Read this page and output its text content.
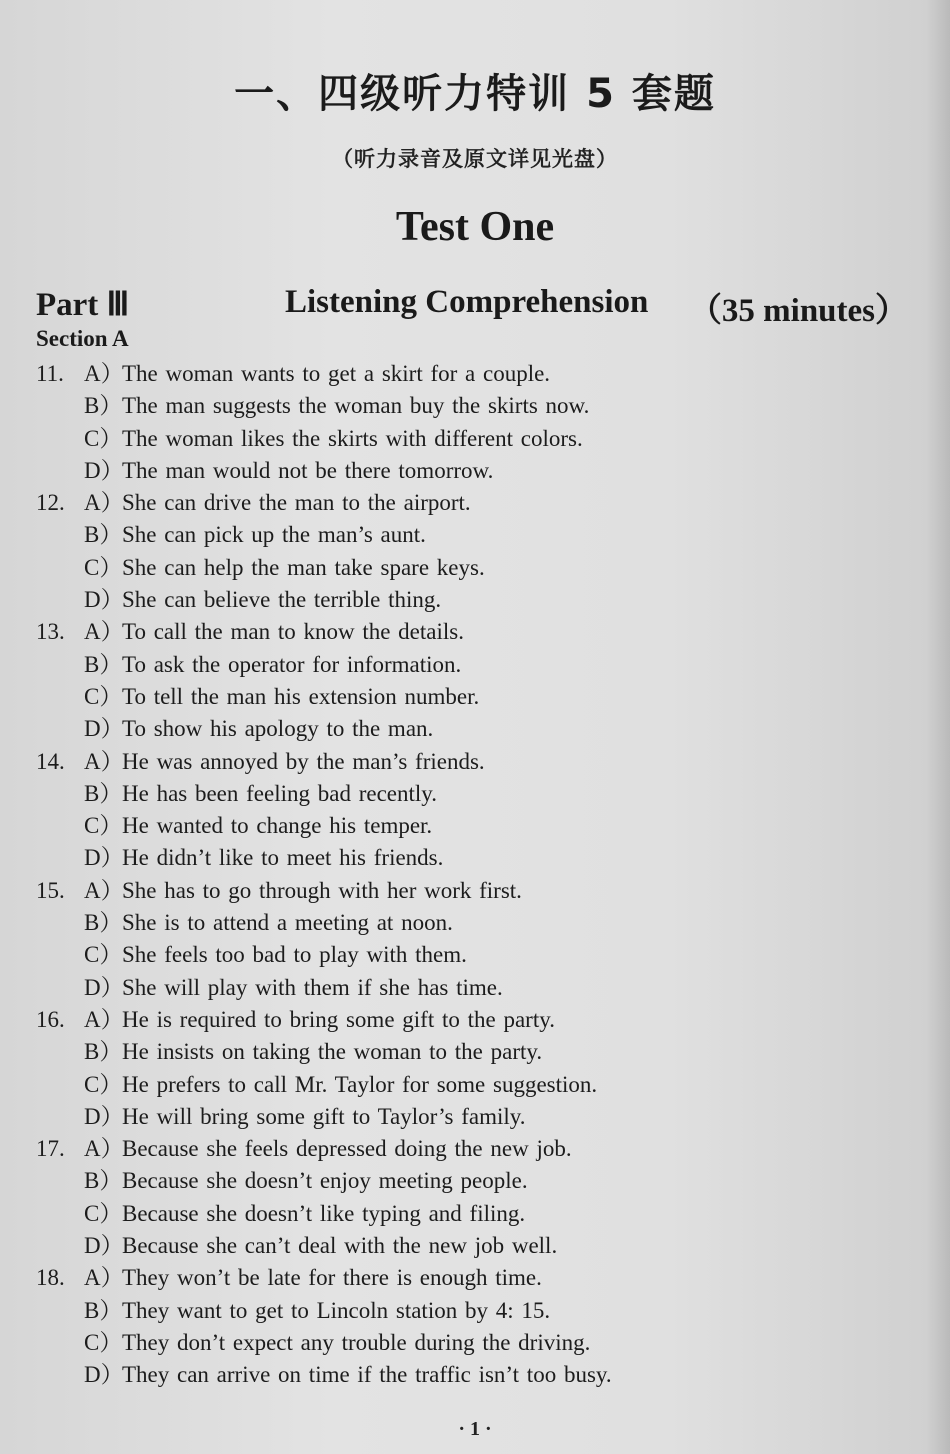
一、四级听力特训 5 套题
（听力录音及原文详见光盘）
Test One
Part Ⅲ	Listening Comprehension （35 minutes）
Section A
11. A）The woman wants to get a skirt for a couple.
B）The man suggests the woman buy the skirts now.
C）The woman likes the skirts with different colors.
D）The man would not be there tomorrow.
12. A）She can drive the man to the airport.
B）She can pick up the man’s aunt.
C）She can help the man take spare keys.
D）She can believe the terrible thing.
13. A）To call the man to know the details.
B）To ask the operator for information.
C）To tell the man his extension number.
D）To show his apology to the man.
14. A）He was annoyed by the man’s friends.
B）He has been feeling bad recently.
C）He wanted to change his temper.
D）He didn’t like to meet his friends.
15. A）She has to go through with her work first.
B）She is to attend a meeting at noon.
C）She feels too bad to play with them.
D）She will play with them if she has time.
16. A）He is required to bring some gift to the party.
B）He insists on taking the woman to the party.
C）He prefers to call Mr. Taylor for some suggestion.
D）He will bring some gift to Taylor’s family.
17. A）Because she feels depressed doing the new job.
B）Because she doesn’t enjoy meeting people.
C）Because she doesn’t like typing and filing.
D）Because she can’t deal with the new job well.
18. A）They won’t be late for there is enough time.
B）They want to get to Lincoln station by 4: 15.
C）They don’t expect any trouble during the driving.
D）They can arrive on time if the traffic isn’t too busy.
· 1 ·
